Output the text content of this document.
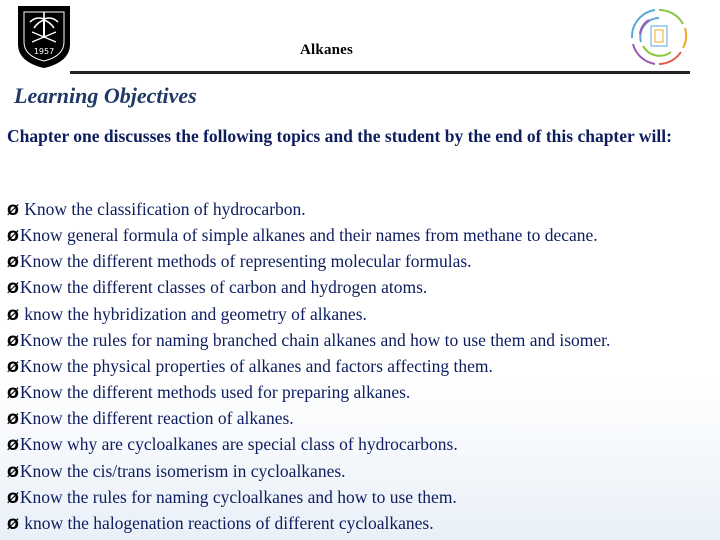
1957	Alkanes
Learning Objectives
Chapter one discusses the following topics and the student by the end of this chapter will:
Ø Know the classification of hydrocarbon.
ØKnow general formula of simple alkanes and their names from methane to decane.
ØKnow the different methods of representing molecular formulas.
ØKnow the different classes of carbon and hydrogen atoms.
Ø know the hybridization and geometry of alkanes.
ØKnow the rules for naming branched chain alkanes and how to use them and isomer.
ØKnow the physical properties of alkanes and factors affecting them.
ØKnow the different methods used for preparing alkanes.
ØKnow the different reaction of alkanes.
ØKnow why are cycloalkanes are special class of hydrocarbons.
ØKnow the cis/trans isomerism in cycloalkanes.
ØKnow the rules for naming cycloalkanes and how to use them.
Ø know the halogenation reactions of different cycloalkanes.
